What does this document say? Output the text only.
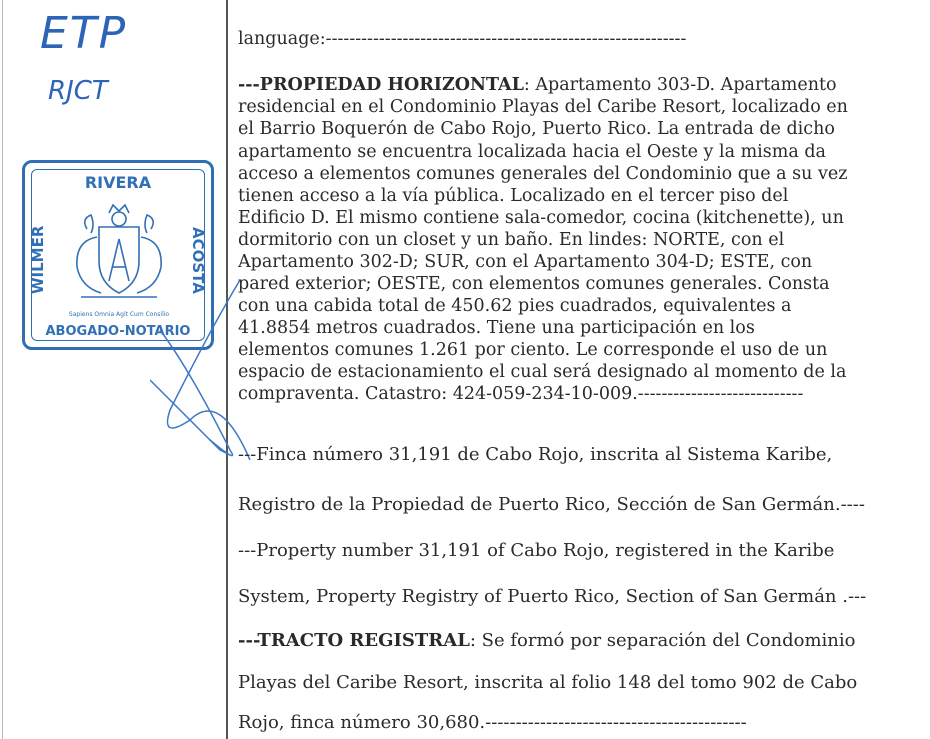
ETP
RJCT
RIVERA
WILMER	ACOSTA
ABOGADO-NOTARIO
Sapiens Omnia Agit Cum Consilio
language:-------------------------------------------------------------
---PROPIEDAD HORIZONTAL: Apartamento 303-D. Apartamento
residencial en el Condominio Playas del Caribe Resort, localizado en
el Barrio Boquerón de Cabo Rojo, Puerto Rico. La entrada de dicho
apartamento se encuentra localizada hacia el Oeste y la misma da
acceso a elementos comunes generales del Condominio que a su vez
tienen acceso a la vía pública. Localizado en el tercer piso del
Edificio D. El mismo contiene sala-comedor, cocina (kitchenette), un
dormitorio con un closet y un baño. En lindes: NORTE, con el
Apartamento 302-D; SUR, con el Apartamento 304-D; ESTE, con
pared exterior; OESTE, con elementos comunes generales. Consta
con una cabida total de 450.62 pies cuadrados, equivalentes a
41.8854 metros cuadrados. Tiene una participación en los
elementos comunes 1.261 por ciento. Le corresponde el uso de un
espacio de estacionamiento el cual será designado al momento de la
compraventa. Catastro: 424-059-234-10-009.----------------------------
---Finca número 31,191 de Cabo Rojo, inscrita al Sistema Karibe,
Registro de la Propiedad de Puerto Rico, Sección de San Germán.----
---Property number 31,191 of Cabo Rojo, registered in the Karibe
System, Property Registry of Puerto Rico, Section of San Germán .---
---TRACTO REGISTRAL: Se formó por separación del Condominio
Playas del Caribe Resort, inscrita al folio 148 del tomo 902 de Cabo
Rojo, finca número 30,680.-------------------------------------------
